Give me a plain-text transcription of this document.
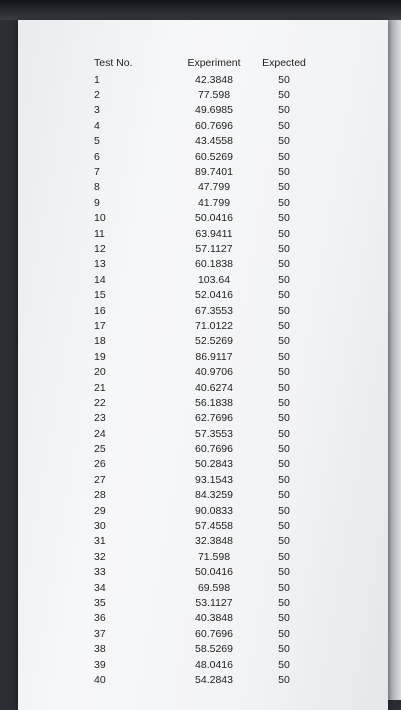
Test No.	Experiment	Expected
1	42.3848	50
2	77.598	50
3	49.6985	50
4	60.7696	50
5	43.4558	50
6	60.5269	50
7	89.7401	50
8	47.799	50
9	41.799	50
10	50.0416	50
11	63.9411	50
12	57.1127	50
13	60.1838	50
14	103.64	50
15	52.0416	50
16	67.3553	50
17	71.0122	50
18	52.5269	50
19	86.9117	50
20	40.9706	50
21	40.6274	50
22	56.1838	50
23	62.7696	50
24	57.3553	50
25	60.7696	50
26	50.2843	50
27	93.1543	50
28	84.3259	50
29	90.0833	50
30	57.4558	50
31	32.3848	50
32	71.598	50
33	50.0416	50
34	69.598	50
35	53.1127	50
36	40.3848	50
37	60.7696	50
38	58.5269	50
39	48.0416	50
40	54.2843	50
